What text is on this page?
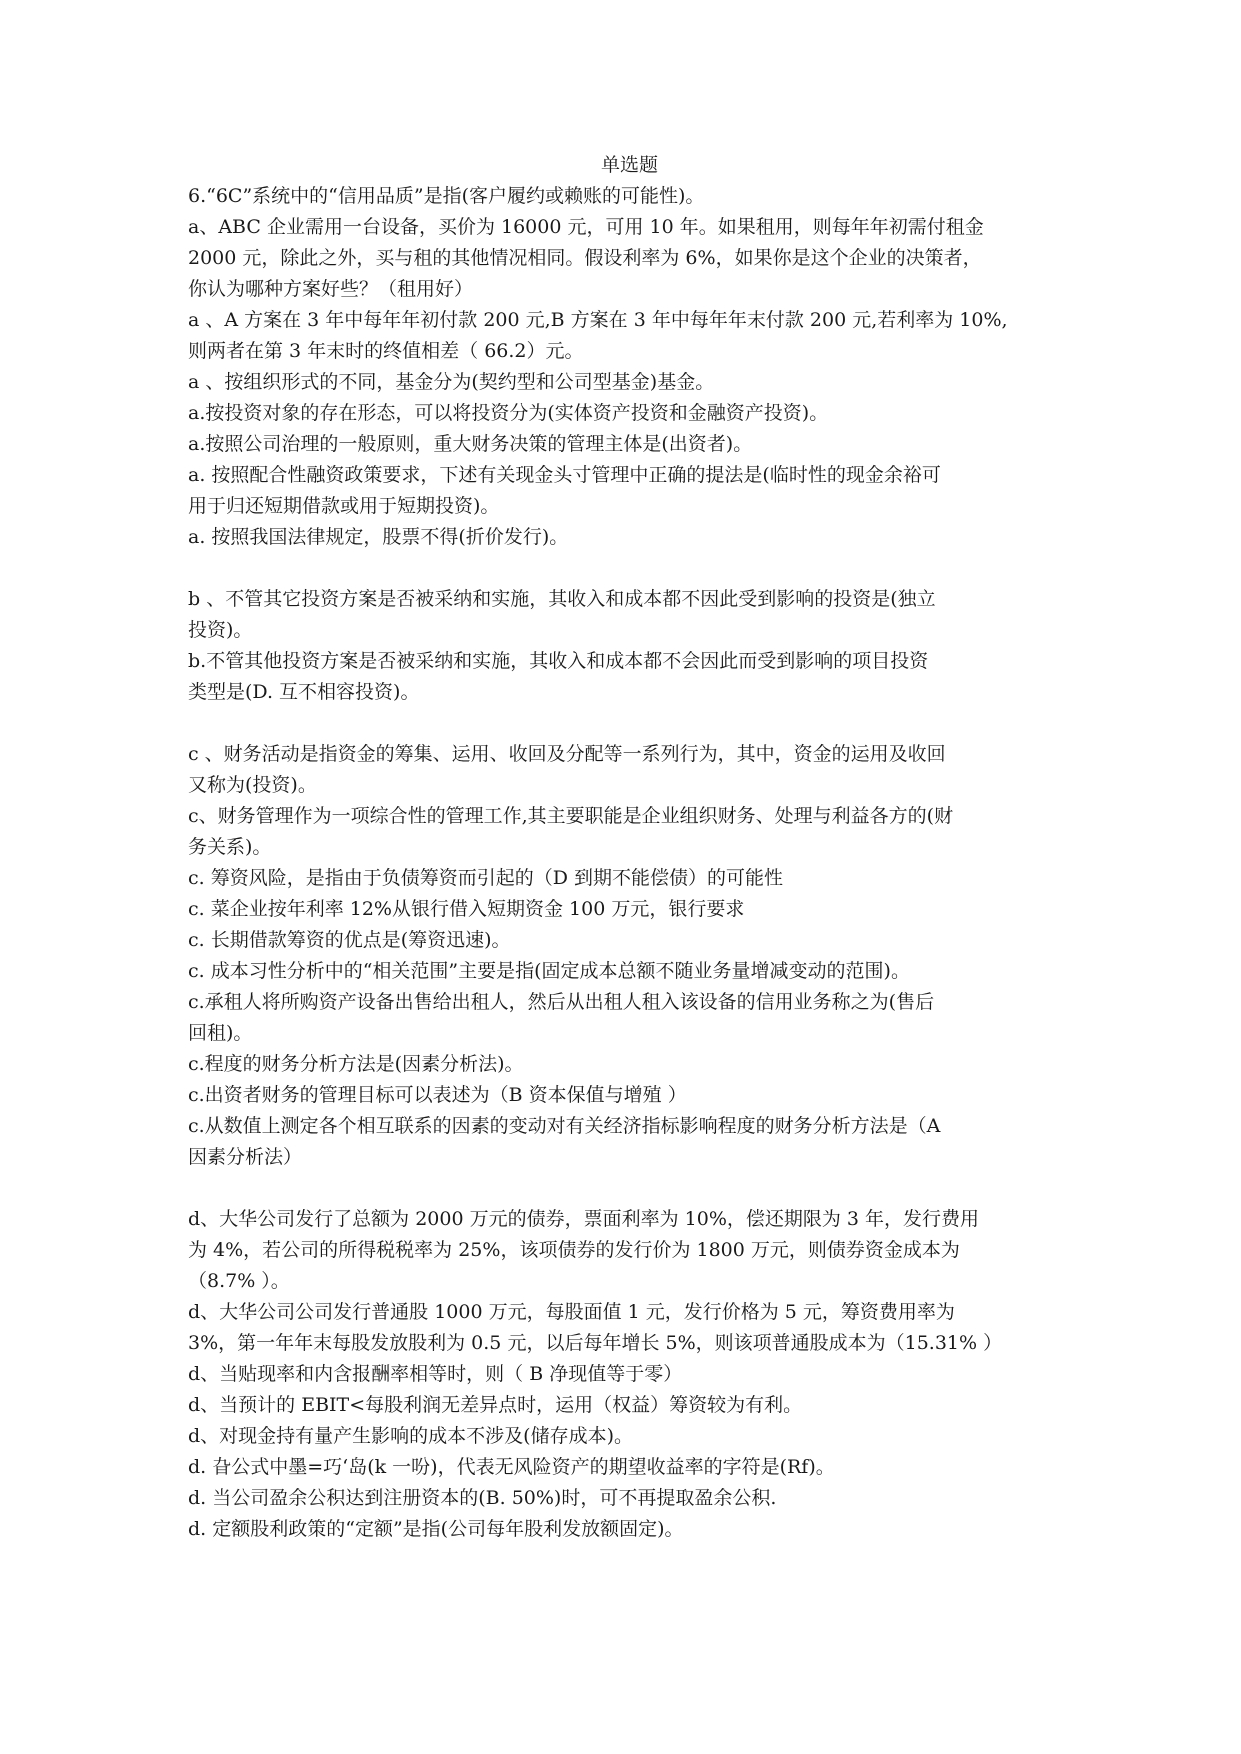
单选题
6.“6C”系统中的“信用品质”是指(客户履约或赖账的可能性)。
a、ABC 企业需用一台设备，买价为 16000 元，可用 10 年。如果租用，则每年年初需付租金
2000 元，除此之外，买与租的其他情况相同。假设利率为 6%，如果你是这个企业的决策者，
你认为哪种方案好些？（租用好）
a 、A 方案在 3 年中每年年初付款 200 元,B 方案在 3 年中每年年末付款 200 元,若利率为 10%,
则两者在第 3 年末时的终值相差（ 66.2）元。
a 、按组织形式的不同，基金分为(契约型和公司型基金)基金。
a.按投资对象的存在形态，可以将投资分为(实体资产投资和金融资产投资)。
a.按照公司治理的一般原则，重大财务决策的管理主体是(出资者)。
a. 按照配合性融资政策要求，下述有关现金头寸管理中正确的提法是(临时性的现金余裕可
用于归还短期借款或用于短期投资)。
a. 按照我国法律规定，股票不得(折价发行)。
b 、不管其它投资方案是否被采纳和实施，其收入和成本都不因此受到影响的投资是(独立
投资)。
b.不管其他投资方案是否被采纳和实施，其收入和成本都不会因此而受到影响的项目投资
类型是(D. 互不相容投资)。
c 、财务活动是指资金的筹集、运用、收回及分配等一系列行为，其中，资金的运用及收回
又称为(投资)。
c、财务管理作为一项综合性的管理工作,其主要职能是企业组织财务、处理与利益各方的(财
务关系)。
c. 筹资风险，是指由于负债筹资而引起的（D 到期不能偿债）的可能性
c. 菜企业按年利率 12%从银行借入短期资金 100 万元，银行要求
c. 长期借款筹资的优点是(筹资迅速)。
c. 成本习性分析中的“相关范围”主要是指(固定成本总额不随业务量增减变动的范围)。
c.承租人将所购资产设备出售给出租人，然后从出租人租入该设备的信用业务称之为(售后
回租)。
c.程度的财务分析方法是(因素分析法)。
c.出资者财务的管理目标可以表述为（B 资本保值与增殖 ）
c.从数值上测定各个相互联系的因素的变动对有关经济指标影响程度的财务分析方法是（A
因素分析法）
d、大华公司发行了总额为 2000 万元的债券，票面利率为 10%，偿还期限为 3 年，发行费用
为 4%，若公司的所得税税率为 25%，该项债券的发行价为 1800 万元，则债券资金成本为
（8.7% ）。
d、大华公司公司发行普通股 1000 万元，每股面值 1 元，发行价格为 5 元，筹资费用率为
3%，第一年年末每股发放股利为 0.5 元，以后每年增长 5%，则该项普通股成本为（15.31% ）
d、当贴现率和内含报酬率相等时，则（ B 净现值等于零）
d、当预计的 EBIT<每股利润无差异点时，运用（权益）筹资较为有利。
d、对现金持有量产生影响的成本不涉及(储存成本)。
d. 旮公式中墨=巧‘岛(k 一吩)，代表无风险资产的期望收益率的字符是(Rf)。
d. 当公司盈余公积达到注册资本的(B. 50%)时，可不再提取盈余公积.
d. 定额股利政策的“定额”是指(公司每年股利发放额固定)。
